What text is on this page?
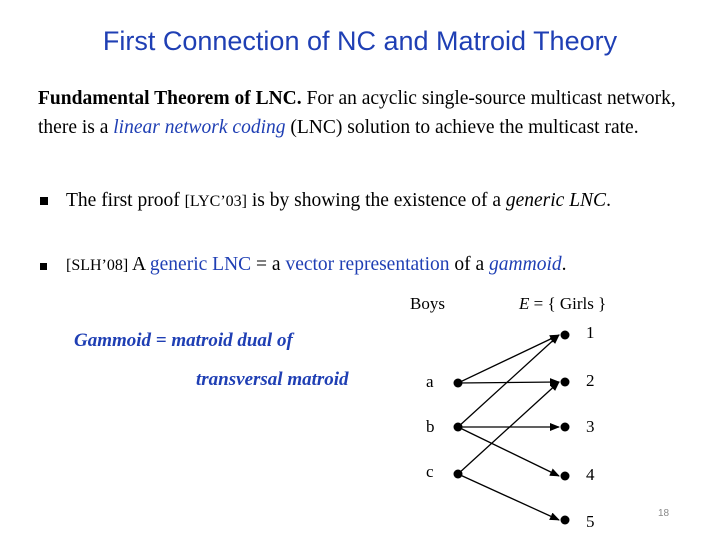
First Connection of NC and Matroid Theory
Fundamental Theorem of LNC. For an acyclic single-source multicast network, there is a linear network coding (LNC) solution to achieve the multicast rate.
The first proof [LYC’03] is by showing the existence of a generic LNC.
[SLH’08] A generic LNC = a vector representation of a gammoid.
Gammoid = matroid dual of
transversal matroid
Boys	E = { Girls }
a
b
c
1
2
3
4
5	18
